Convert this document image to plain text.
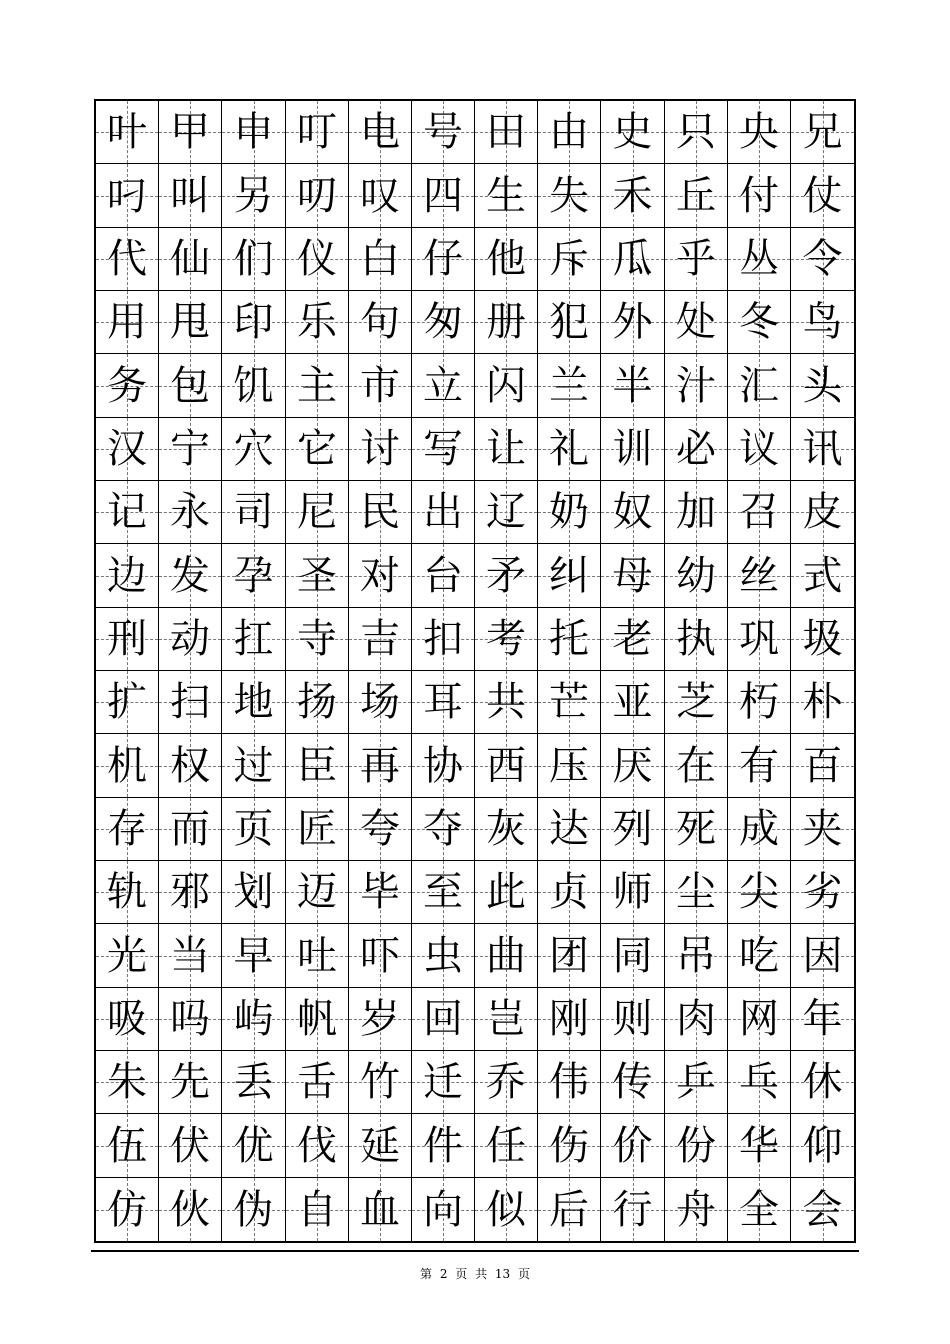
叶 甲 申 叮 电 号 田 由 史 只 央 兄
叼 叫 另 叨 叹 四 生 失 禾 丘 付 仗
代 仙 们 仪 白 仔 他 斥 瓜 乎 丛 令
用 甩 印 乐 句 匆 册 犯 外 处 冬 鸟
务 包 饥 主 市 立 闪 兰 半 汁 汇 头
汉 宁 穴 它 讨 写 让 礼 训 必 议 讯
记 永 司 尼 民 出 辽 奶 奴 加 召 皮
边 发 孕 圣 对 台 矛 纠 母 幼 丝 式
刑 动 扛 寺 吉 扣 考 托 老 执 巩 圾
扩 扫 地 扬 场 耳 共 芒 亚 芝 朽 朴
机 权 过 臣 再 协 西 压 厌 在 有 百
存 而 页 匠 夸 夺 灰 达 列 死 成 夹
轨 邪 划 迈 毕 至 此 贞 师 尘 尖 劣
光 当 早 吐 吓 虫 曲 团 同 吊 吃 因
吸 吗 屿 帆 岁 回 岂 刚 则 肉 网 年
朱 先 丢 舌 竹 迁 乔 伟 传 乒 乓 休
伍 伏 优 伐 延 件 任 伤 价 份 华 仰
仿 伙 伪 自 血 向 似 后 行 舟 全 会
第 2 页 共 13 页
